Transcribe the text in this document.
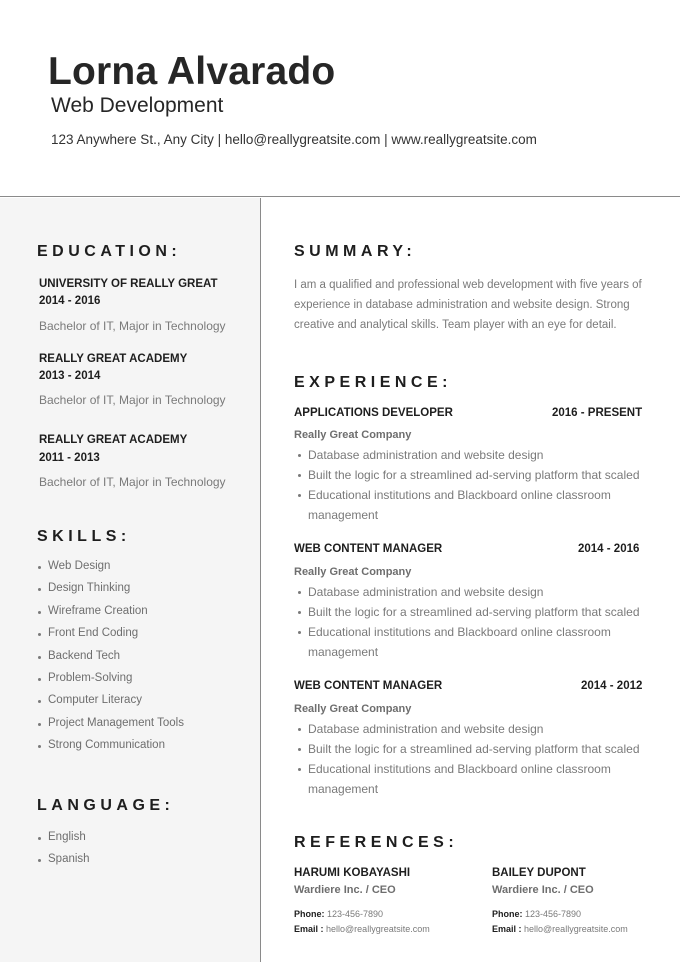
Lorna Alvarado
Web Development
123 Anywhere St., Any City | hello@reallygreatsite.com | www.reallygreatsite.com
EDUCATION:
UNIVERSITY OF REALLY GREAT
2014 - 2016
Bachelor of IT, Major in Technology
REALLY GREAT ACADEMY
2013 - 2014
Bachelor of IT, Major in Technology
REALLY GREAT ACADEMY
2011 - 2013
Bachelor of IT, Major in Technology
SKILLS:
Web Design
Design Thinking
Wireframe Creation
Front End Coding
Backend Tech
Problem-Solving
Computer Literacy
Project Management Tools
Strong Communication
LANGUAGE:
English
Spanish
SUMMARY:
I am a qualified and professional web development with five years of experience in database administration and website design. Strong creative and analytical skills. Team player with an eye for detail.
EXPERIENCE:
APPLICATIONS DEVELOPER	2016 - PRESENT
Really Great Company
Database administration and website design
Built the logic for a streamlined ad-serving platform that scaled
Educational institutions and Blackboard online classroom management
WEB CONTENT MANAGER	2014 - 2016
Really Great Company
Database administration and website design
Built the logic for a streamlined ad-serving platform that scaled
Educational institutions and Blackboard online classroom management
WEB CONTENT MANAGER	2014 - 2012
Really Great Company
Database administration and website design
Built the logic for a streamlined ad-serving platform that scaled
Educational institutions and Blackboard online classroom management
REFERENCES:
HARUMI KOBAYASHI
Wardiere Inc. / CEO
Phone: 123-456-7890
Email : hello@reallygreatsite.com
BAILEY DUPONT
Wardiere Inc. / CEO
Phone: 123-456-7890
Email : hello@reallygreatsite.com
